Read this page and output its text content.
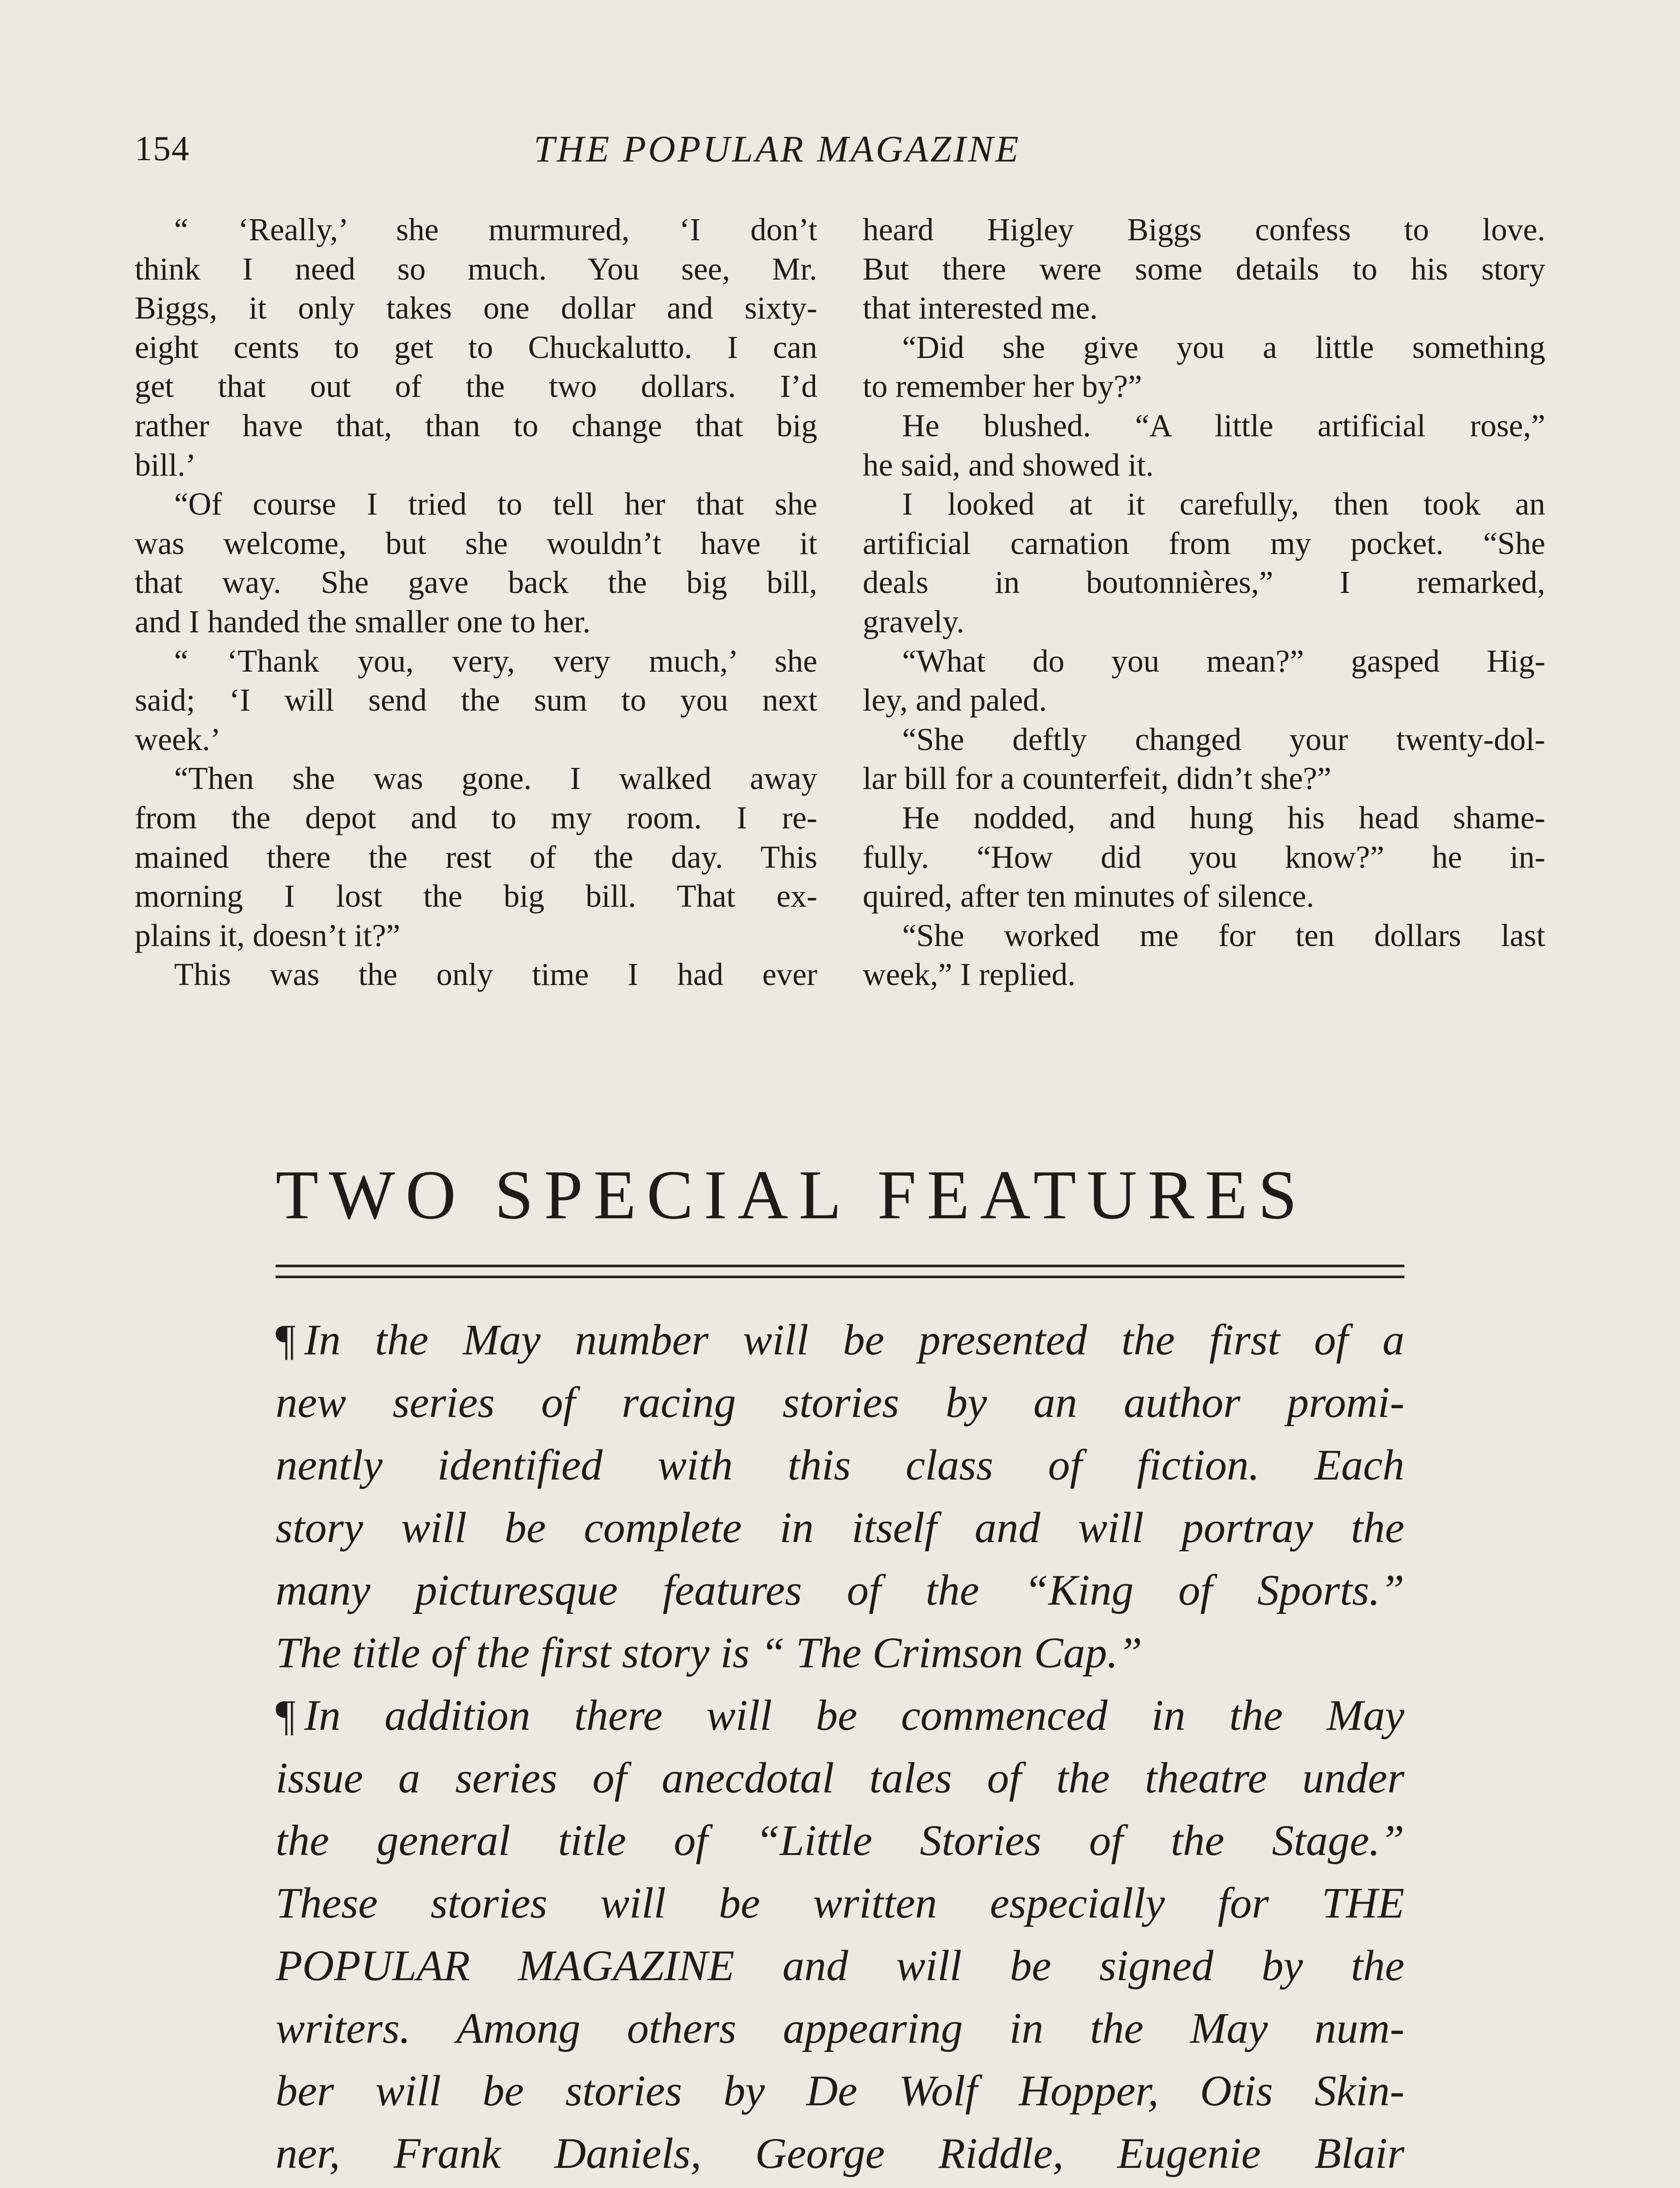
154	THE POPULAR MAGAZINE
“ ‘Really,’ she murmured, ‘I don’t
think I need so much. You see, Mr.
Biggs, it only takes one dollar and sixty-
eight cents to get to Chuckalutto. I can
get that out of the two dollars. I’d
rather have that, than to change that big
bill.’
“Of course I tried to tell her that she
was welcome, but she wouldn’t have it
that way. She gave back the big bill,
and I handed the smaller one to her.
“ ‘Thank you, very, very much,’ she
said; ‘I will send the sum to you next
week.’
“Then she was gone. I walked away
from the depot and to my room. I re-
mained there the rest of the day. This
morning I lost the big bill. That ex-
plains it, doesn’t it?”
This was the only time I had ever
heard Higley Biggs confess to love.
But there were some details to his story
that interested me.
“Did she give you a little something
to remember her by?”
He blushed. “A little artificial rose,”
he said, and showed it.
I looked at it carefully, then took an
artificial carnation from my pocket. “She
deals in boutonnières,” I remarked,
gravely.
“What do you mean?” gasped Hig-
ley, and paled.
“She deftly changed your twenty-dol-
lar bill for a counterfeit, didn’t she?”
He nodded, and hung his head shame-
fully. “How did you know?” he in-
quired, after ten minutes of silence.
“She worked me for ten dollars last
week,” I replied.
TWO SPECIAL FEATURES
¶ In the May number will be presented the first of a
new series of racing stories by an author promi-
nently identified with this class of fiction. Each
story will be complete in itself and will portray the
many picturesque features of the “King of Sports.”
The title of the first story is “ The Crimson Cap.”
¶ In addition there will be commenced in the May
issue a series of anecdotal tales of the theatre under
the general title of “Little Stories of the Stage.”
These stories will be written especially for THE
POPULAR MAGAZINE and will be signed by the
writers. Among others appearing in the May num-
ber will be stories by De Wolf Hopper, Otis Skin-
ner, Frank Daniels, George Riddle, Eugenie Blair
